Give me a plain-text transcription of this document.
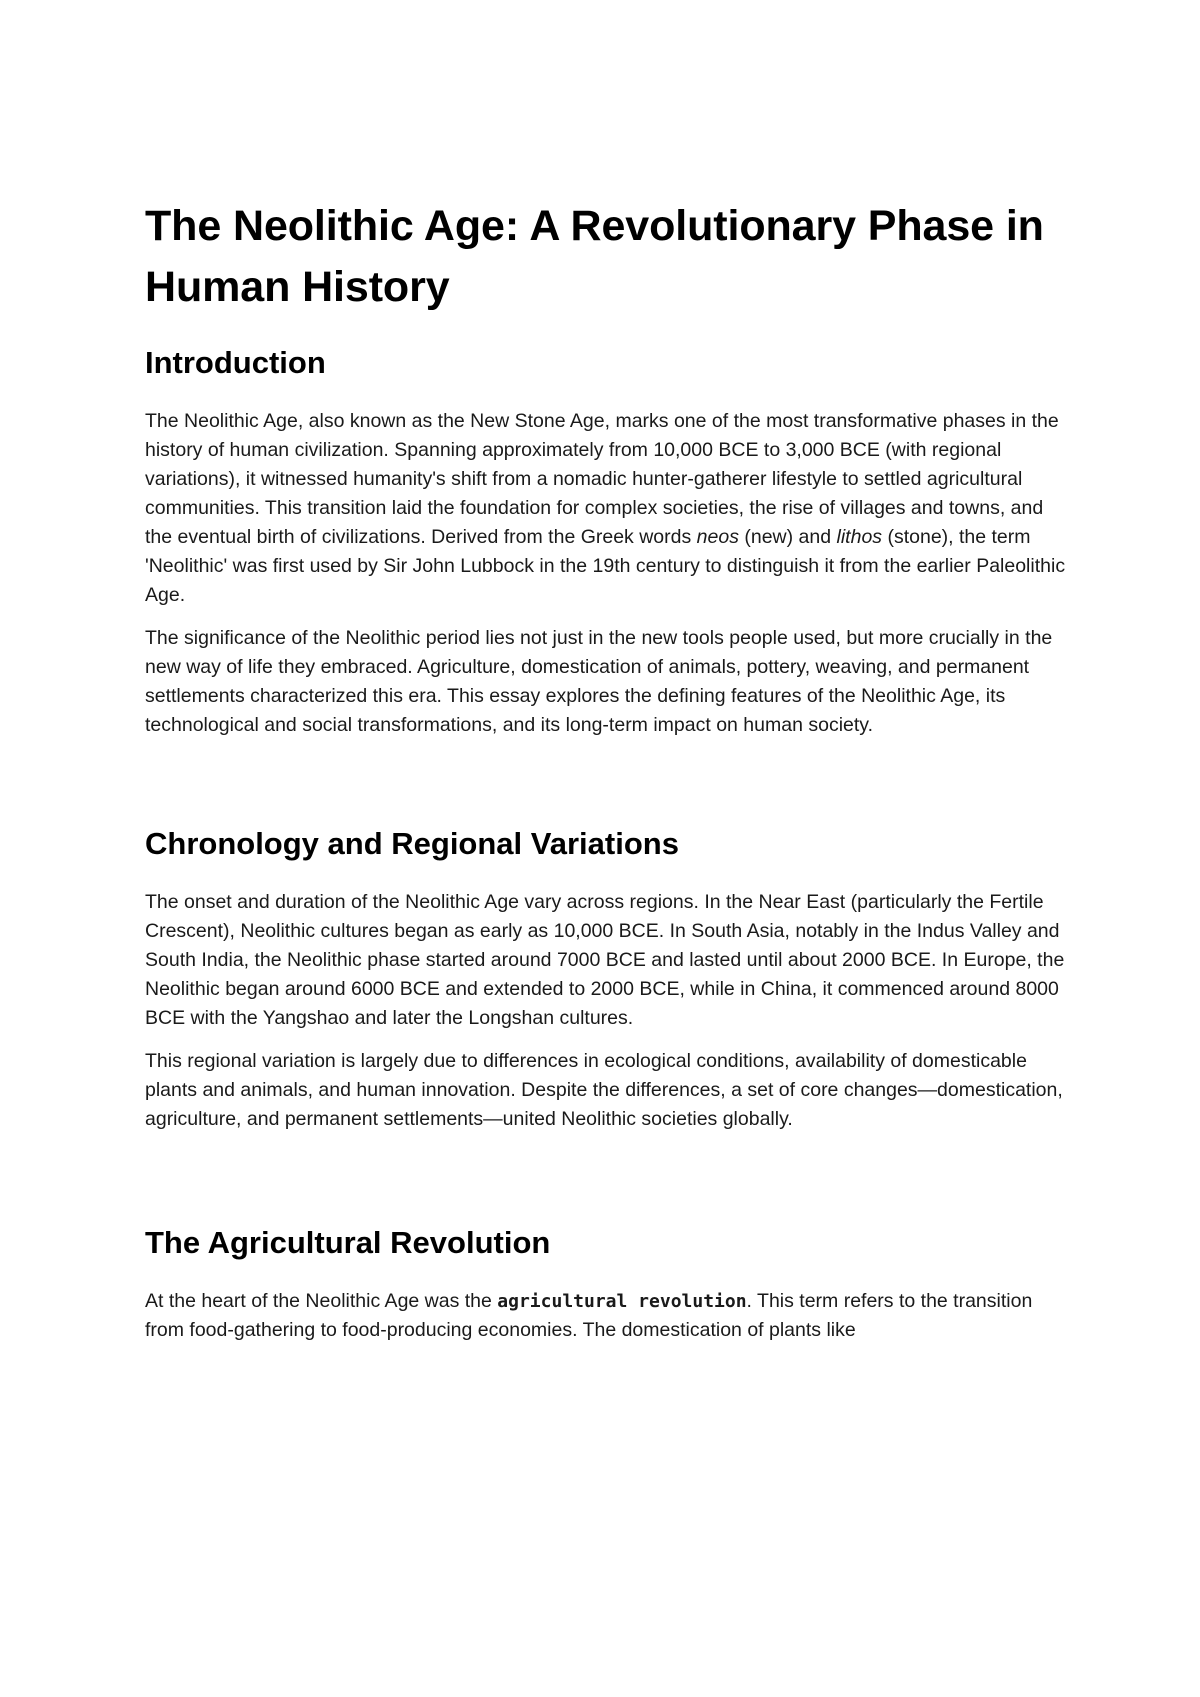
The Neolithic Age: A Revolutionary Phase in Human History
Introduction

The Neolithic Age, also known as the New Stone Age, marks one of the most transformative phases in the history of human civilization. Spanning approximately from 10,000 BCE to 3,000 BCE (with regional variations), it witnessed humanity's shift from a nomadic hunter-gatherer lifestyle to settled agricultural communities. This transition laid the foundation for complex societies, the rise of villages and towns, and the eventual birth of civilizations. Derived from the Greek words neos (new) and lithos (stone), the term 'Neolithic' was first used by Sir John Lubbock in the 19th century to distinguish it from the earlier Paleolithic Age.

The significance of the Neolithic period lies not just in the new tools people used, but more crucially in the new way of life they embraced. Agriculture, domestication of animals, pottery, weaving, and permanent settlements characterized this era. This essay explores the defining features of the Neolithic Age, its technological and social transformations, and its long-term impact on human society.

Chronology and Regional Variations

The onset and duration of the Neolithic Age vary across regions. In the Near East (particularly the Fertile Crescent), Neolithic cultures began as early as 10,000 BCE. In South Asia, notably in the Indus Valley and South India, the Neolithic phase started around 7000 BCE and lasted until about 2000 BCE. In Europe, the Neolithic began around 6000 BCE and extended to 2000 BCE, while in China, it commenced around 8000 BCE with the Yangshao and later the Longshan cultures.

This regional variation is largely due to differences in ecological conditions, availability of domesticable plants and animals, and human innovation. Despite the differences, a set of core changes—domestication, agriculture, and permanent settlements—united Neolithic societies globally.

The Agricultural Revolution

At the heart of the Neolithic Age was the agricultural revolution. This term refers to the transition from food-gathering to food-producing economies. The domestication of plants like
